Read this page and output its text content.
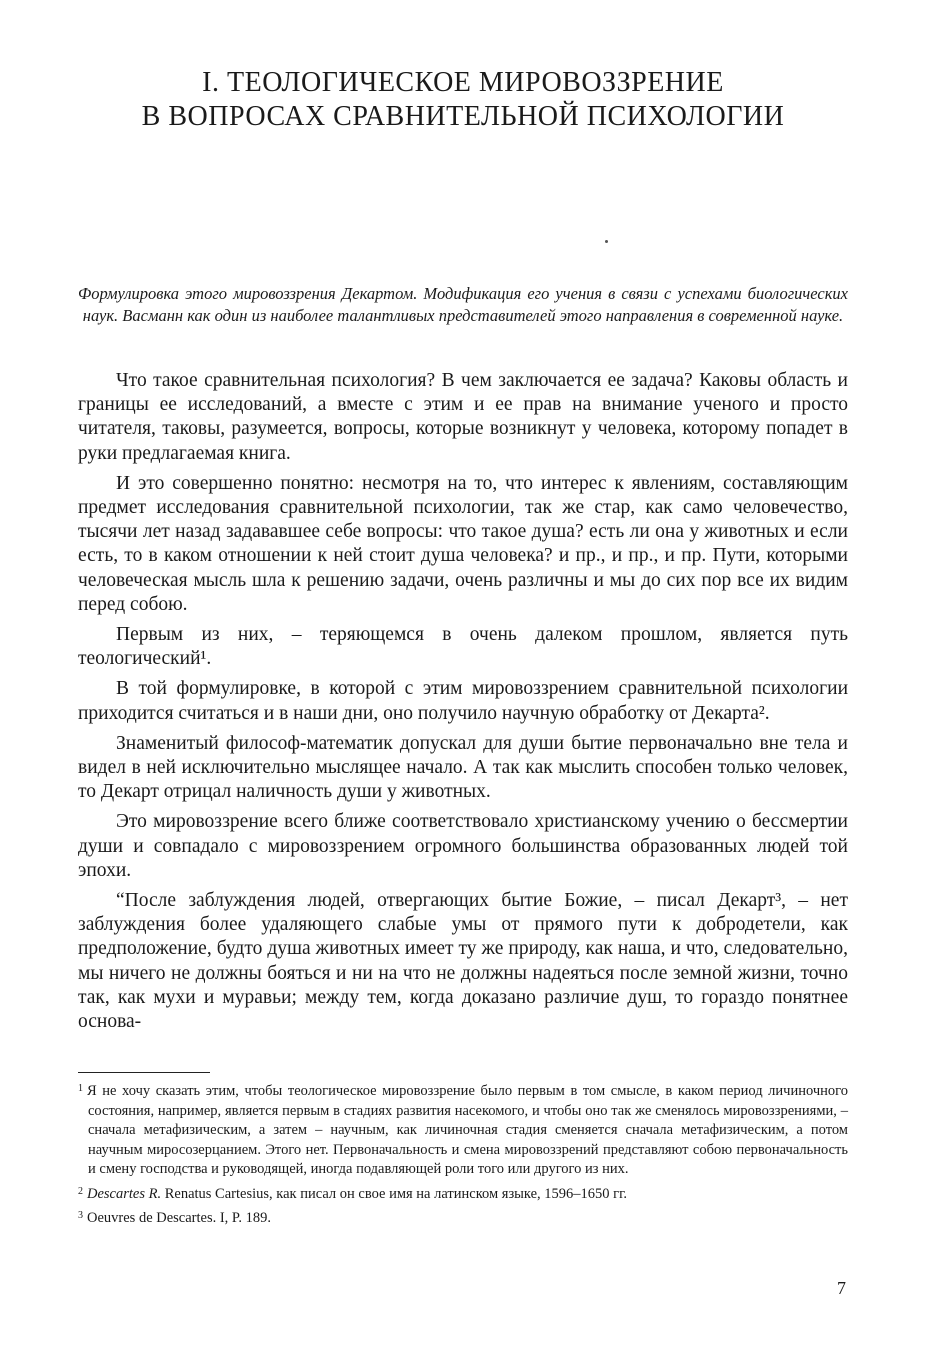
I. ТЕОЛОГИЧЕСКОЕ МИРОВОЗЗРЕНИЕ
В ВОПРОСАХ СРАВНИТЕЛЬНОЙ ПСИХОЛОГИИ

Формулировка этого мировоззрения Декартом. Модификация его учения в связи с успехами биологических наук. Васманн как один из наиболее талантливых представителей этого направления в современной науке.

Что такое сравнительная психология? В чем заключается ее задача? Каковы область и границы ее исследований, а вместе с этим и ее прав на внимание ученого и просто читателя, таковы, разумеется, вопросы, которые возникнут у человека, которому попадет в руки предлагаемая книга.

И это совершенно понятно: несмотря на то, что интерес к явлениям, составляющим предмет исследования сравнительной психологии, так же стар, как само человечество, тысячи лет назад задававшее себе вопросы: что такое душа? есть ли она у животных и если есть, то в каком отношении к ней стоит душа человека? и пр., и пр., и пр. Пути, которыми человеческая мысль шла к решению задачи, очень различны и мы до сих пор все их видим перед собою.

Первым из них, – теряющемся в очень далеком прошлом, является путь теологический¹.

В той формулировке, в которой с этим мировоззрением сравнительной психологии приходится считаться и в наши дни, оно получило научную обработку от Декарта².

Знаменитый философ-математик допускал для души бытие первоначально вне тела и видел в ней исключительно мыслящее начало. А так как мыслить способен только человек, то Декарт отрицал наличность души у животных.

Это мировоззрение всего ближе соответствовало христианскому учению о бессмертии души и совпадало с мировоззрением огромного большинства образованных людей той эпохи.

“После заблуждения людей, отвергающих бытие Божие, – писал Декарт³, – нет заблуждения более удаляющего слабые умы от прямого пути к добродетели, как предположение, будто душа животных имеет ту же природу, как наша, и что, следовательно, мы ничего не должны бояться и ни на что не должны надеяться после земной жизни, точно так, как мухи и муравьи; между тем, когда доказано различие душ, то гораздо понятнее основа-

$^1$ Я не хочу сказать этим, чтобы теологическое мировоззрение было первым в том смысле, в каком период личиночного состояния, например, является первым в стадиях развития насекомого, и чтобы оно так же сменялось мировоззрениями, – сначала метафизическим, а затем – научным, как личиночная стадия сменяется сначала метафизическим, а потом научным миросозерцанием. Этого нет. Первоначальность и смена мировоззрений представляют собою первоначальность и смену господства и руководящей, иногда подавляющей роли того или другого из них.

$^2$ Descartes R. Renatus Cartesius, как писал он свое имя на латинском языке, 1596–1650 гг.

$^3$ Oeuvres de Descartes. I, P. 189.

7
